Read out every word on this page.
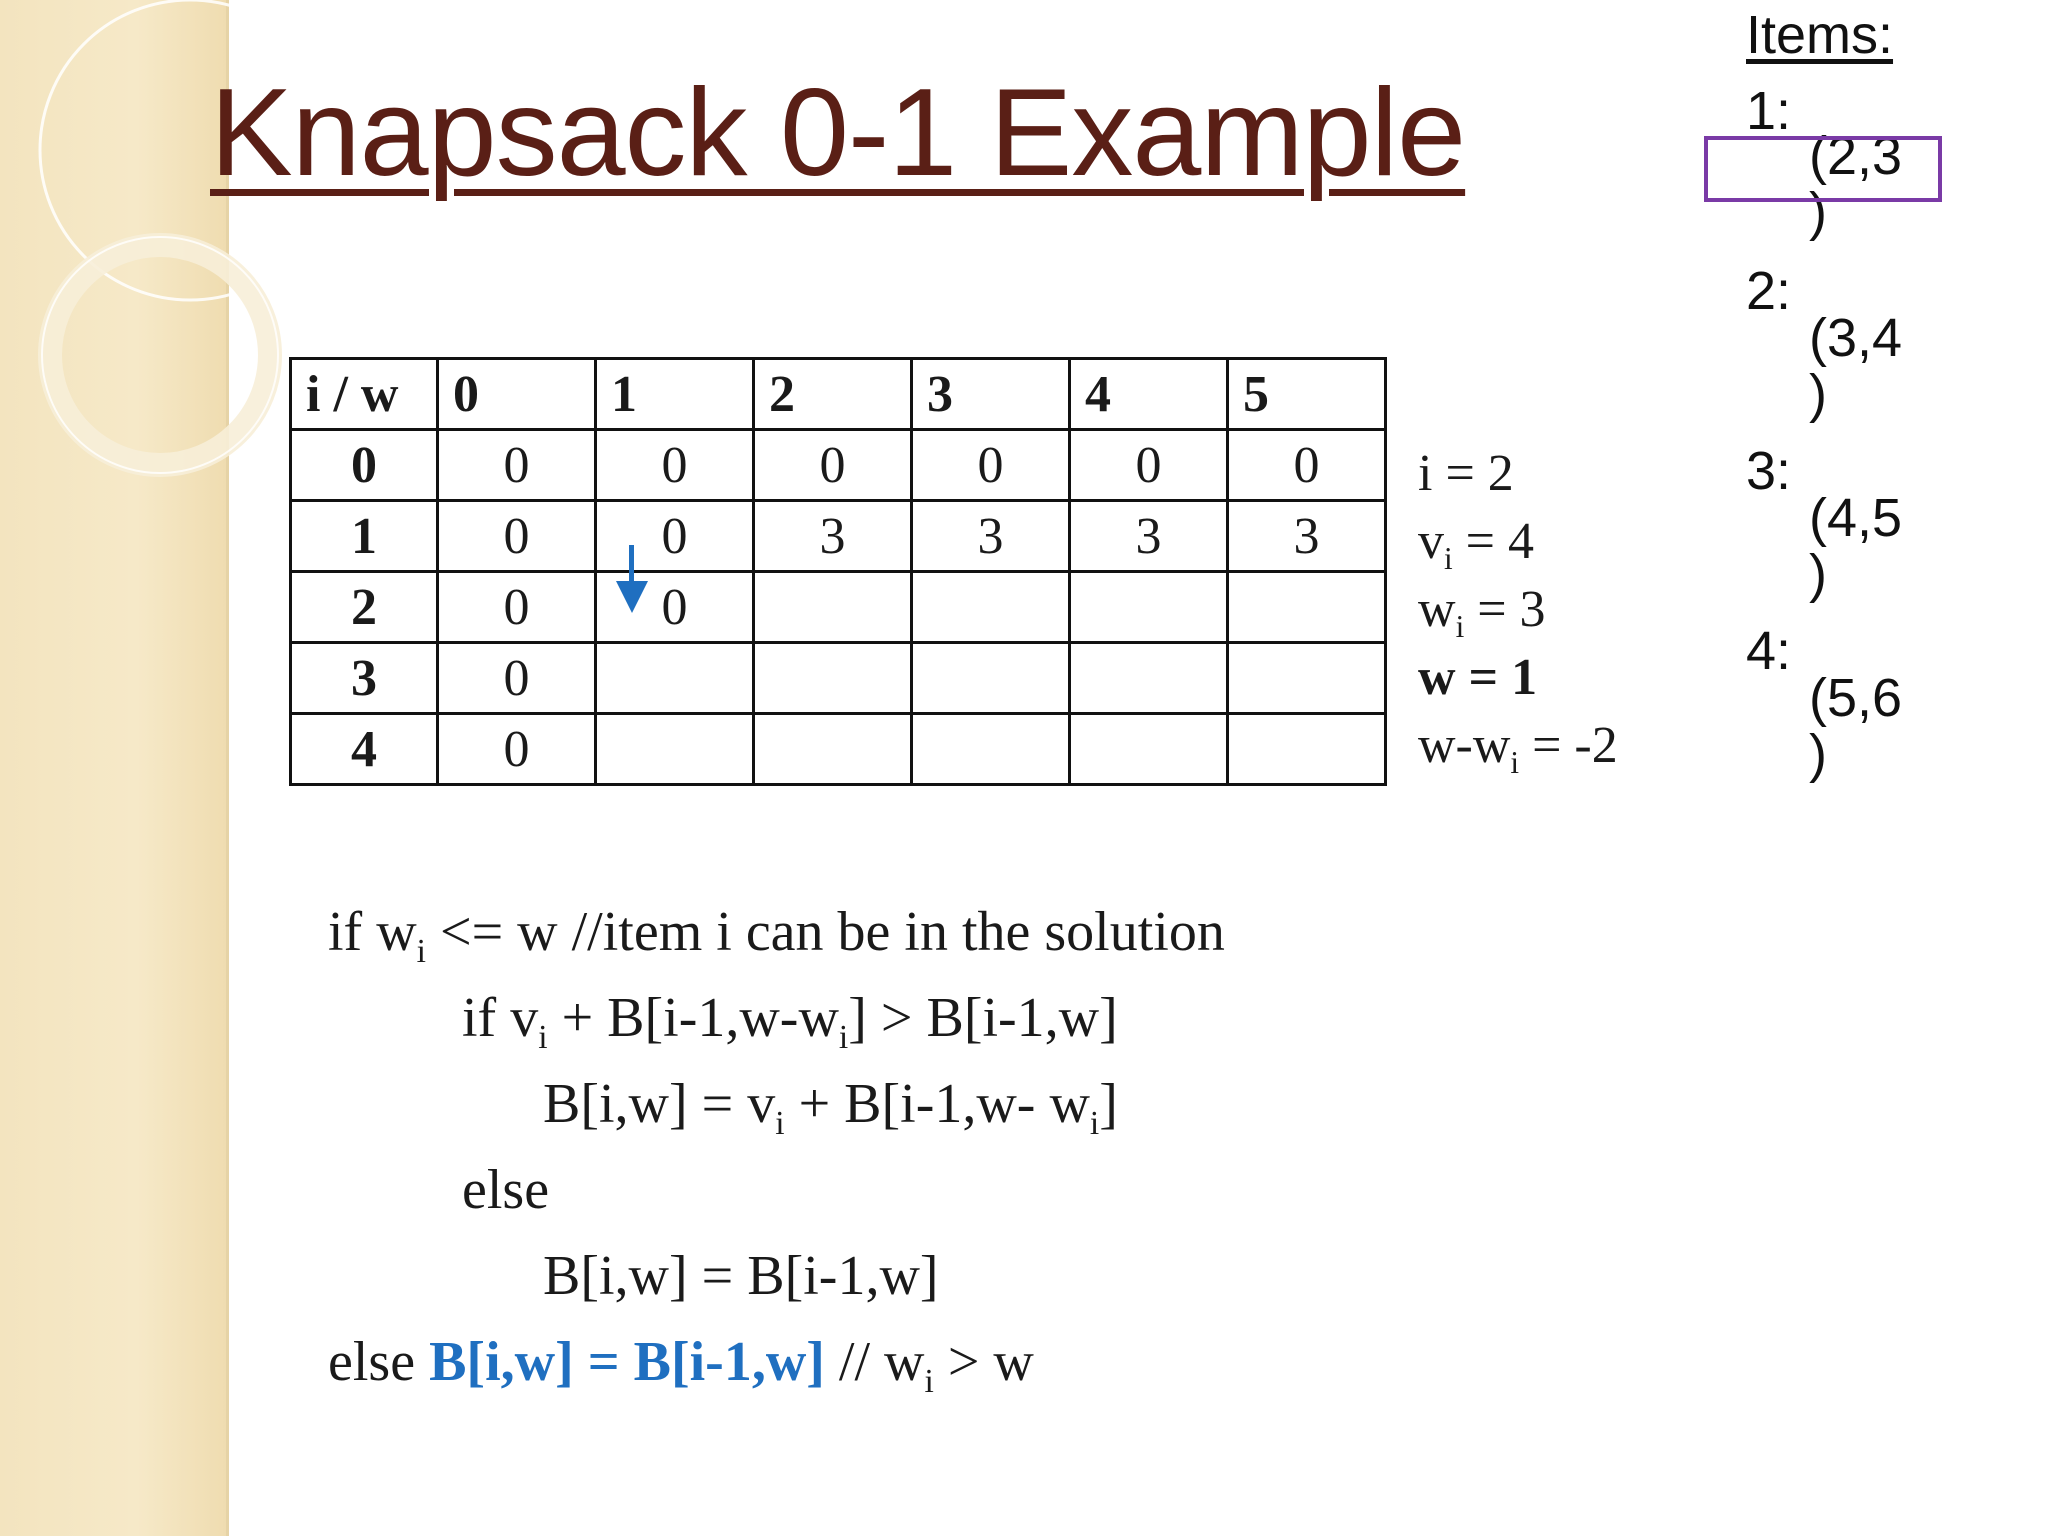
Knapsack 0-1 Example
Items:
1:
(2,3
)
2:
(3,4
)
3:
(4,5
)
4:
(5,6
)
i / w	0	1	2	3	4	5
0	0	0	0	0	0	0
1	0	0	3	3	3	3
2	0	0				
3	0					
4	0					
i = 2
$v_i = 4$
$w_i = 3$
w = 1
$w-w_i = -2$
if $w_i <= w$ //item i can be in the solution
if $v_i + B[i-1,w-w_i] > B[i-1,w]$
$B[i,w] = v_i + B[i-1,w-$ $w_i$]
else
B[i,w] = B[i-1,w]
else $B[i,w] = B[i-1,w] // w_i > w$
